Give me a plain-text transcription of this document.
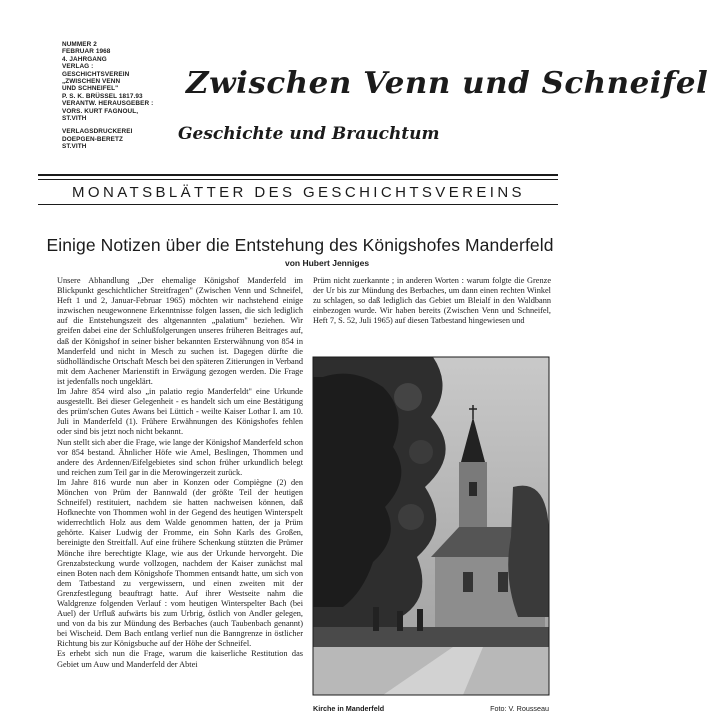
NUMMER 2
FEBRUAR 1968
4. JAHRGANG
VERLAG :
GESCHICHTSVEREIN
„ZWISCHEN VENN
UND SCHNEIFEL"
P. S. K. BRÜSSEL 1817.93
VERANTW. HERAUSGEBER :
VORS. KURT FAGNOUL,
ST.VITH
VERLAGSDRUCKEREI
DOEPGEN-BERETZ
ST.VITH
Zwischen Venn und Schneifel
Geschichte und Brauchtum
MONATSBLÄTTER DES GESCHICHTSVEREINS
Einige Notizen über die Entstehung des Königshofes Manderfeld
von Hubert Jenniges

Unsere Abhandlung „Der ehemalige Königshof Manderfeld im Blickpunkt geschichtlicher Streitfragen" (Zwischen Venn und Schneifel, Heft 1 und 2, Januar-Februar 1965) möchten wir nachstehend einige inzwischen neugewonnene Erkenntnisse folgen lassen, die sich lediglich auf die Entstehungszeit des altgenannten „palatium" beziehen. Wir greifen dabei eine der Schlußfolgerungen unseres früheren Beitrages auf, daß der Königshof in seiner bisher bekannten Ersterwähnung von 854 in Manderfeld und nicht in Mesch zu suchen ist. Dagegen dürfte die südholländische Ortschaft Mesch bei den späteren Zitierungen in Verband mit dem Aachener Marienstift in Erwägung gezogen werden. Die Frage ist jedenfalls noch ungeklärt.

Im Jahre 854 wird also „in palatio regio Manderfeldt" eine Urkunde ausgestellt. Bei dieser Gelegenheit - es handelt sich um eine Bestätigung des prüm'schen Gutes Awans bei Lüttich - weilte Kaiser Lothar I. am 10. Juli in Manderfeld (1). Frühere Erwähnungen des Königshofes fehlen oder sind bis jetzt noch nicht bekannt.

Nun stellt sich aber die Frage, wie lange der Königshof Manderfeld schon vor 854 bestand. Ähnlicher Höfe wie Amel, Beslingen, Thommen und andere des Ardennen/Eifelgebietes sind schon früher urkundlich belegt und reichen zum Teil gar in die Merowingerzeit zurück.

Im Jahre 816 wurde nun aber in Konzen oder Compiègne (2) den Mönchen von Prüm der Bannwald (der größte Teil der heutigen Schneifel) restituiert, nachdem sie hatten nachweisen können, daß Hofknechte von Thommen wohl in der Gegend des heutigen Winterspelt widerrechtlich Holz aus dem Walde genommen hatten, der ja Prüm gehörte. Kaiser Ludwig der Fromme, ein Sohn Karls des Großen, bereinigte den Streitfall. Auf eine frühere Schenkung stützten die Prümer Mönche ihre berechtigte Klage, wie aus der Urkunde hervorgeht. Die Grenzabsteckung wurde vollzogen, nachdem der Kaiser zunächst mal einen Boten nach dem Königshofe Thommen entsandt hatte, um sich von dem Tatbestand zu vergewissern, und einen zweiten mit der Grenzfestlegung beauftragt hatte. Auf ihrer Westseite nahm die Waldgrenze folgenden Verlauf : vom heutigen Winterspelter Bach (bei Auel) der Urfluß aufwärts bis zum Urbrig, östlich von Andler gelegen, und von da bis zur Mündung des Berbaches (auch Taubenbach genannt) bei Wischeid. Dem Bach entlang verlief nun die Banngrenze in östlicher Richtung bis zur Königsbuche auf der Höhe der Schneifel.

Es erhebt sich nun die Frage, warum die kaiserliche Restitution das Gebiet um Auw und Manderfeld der Abtei

Prüm nicht zuerkannte ; in anderen Worten : warum folgte die Grenze der Ur bis zur Mündung des Berbaches, um dann einen rechten Winkel zu schlagen, so daß lediglich das Gebiet um Bleialf in den Waldbann einbezogen wurde. Wir haben bereits (Zwischen Venn und Schneifel, Heft 7, S. 52, Juli 1965) auf diesen Tatbestand hingewiesen und

Kirche in Manderfeld	Foto: V. Rousseau
